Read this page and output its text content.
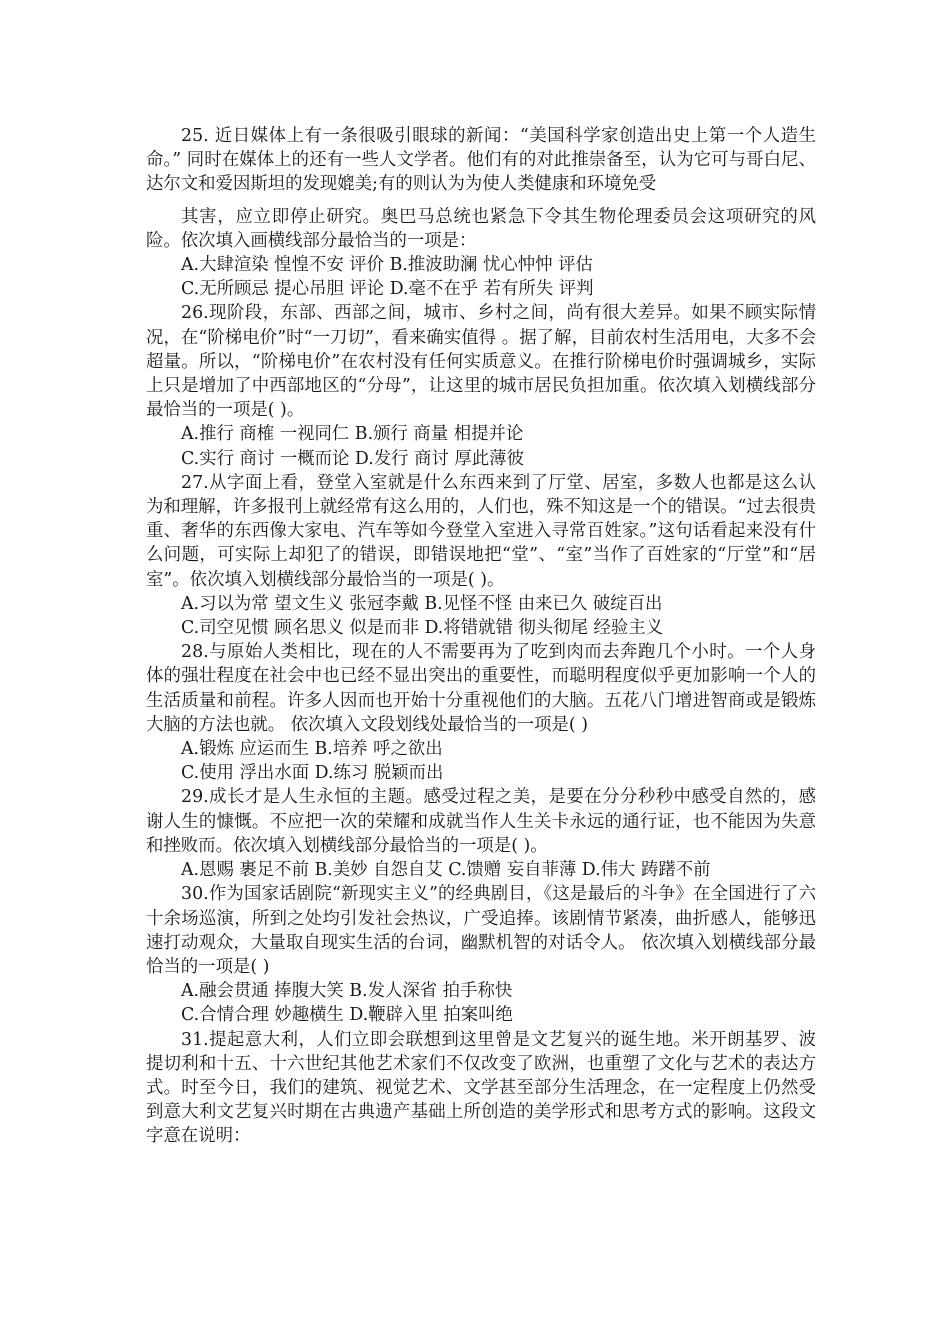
25. 近日媒体上有一条很吸引眼球的新闻：“美国科学家创造出史上第一个人造生命。” 同时在媒体上的还有一些人文学者。他们有的对此推崇备至，认为它可与哥白尼、达尔文和爱因斯坦的发现媲美;有的则认为为使人类健康和环境免受

其害，应立即停止研究。奥巴马总统也紧急下令其生物伦理委员会这项研究的风险。依次填入画横线部分最恰当的一项是：

A.大肆渲染 惶惶不安 评价 B.推波助澜 忧心忡忡 评估

C.无所顾忌 提心吊胆 评论 D.毫不在乎 若有所失 评判

26.现阶段，东部、西部之间，城市、乡村之间，尚有很大差异。如果不顾实际情况，在“阶梯电价”时“一刀切”，看来确实值得 。据了解，目前农村生活用电，大多不会超量。所以，“阶梯电价”在农村没有任何实质意义。在推行阶梯电价时强调城乡，实际上只是增加了中西部地区的“分母”，让这里的城市居民负担加重。依次填入划横线部分最恰当的一项是( )。

A.推行 商榷 一视同仁 B.颁行 商量 相提并论

C.实行 商讨 一概而论 D.发行 商讨 厚此薄彼

27.从字面上看，登堂入室就是什么东西来到了厅堂、居室，多数人也都是这么认为和理解，许多报刊上就经常有这么用的，人们也，殊不知这是一个的错误。“过去很贵重、奢华的东西像大家电、汽车等如今登堂入室进入寻常百姓家。”这句话看起来没有什么问题，可实际上却犯了的错误，即错误地把“堂”、“室”当作了百姓家的“厅堂”和“居室”。依次填入划横线部分最恰当的一项是( )。

A.习以为常 望文生义 张冠李戴 B.见怪不怪 由来已久 破绽百出

C.司空见惯 顾名思义 似是而非 D.将错就错 彻头彻尾 经验主义

28.与原始人类相比，现在的人不需要再为了吃到肉而去奔跑几个小时。一个人身体的强壮程度在社会中也已经不显出突出的重要性，而聪明程度似乎更加影响一个人的生活质量和前程。许多人因而也开始十分重视他们的大脑。五花八门增进智商或是锻炼大脑的方法也就。 依次填入文段划线处最恰当的一项是( )

A.锻炼 应运而生 B.培养 呼之欲出

C.使用 浮出水面 D.练习 脱颖而出

29.成长才是人生永恒的主题。感受过程之美，是要在分分秒秒中感受自然的，感谢人生的慷慨。不应把一次的荣耀和成就当作人生关卡永远的通行证，也不能因为失意和挫败而。依次填入划横线部分最恰当的一项是( )。

A.恩赐 裹足不前 B.美妙 自怨自艾 C.馈赠 妄自菲薄 D.伟大 踌躇不前

30.作为国家话剧院“新现实主义”的经典剧目，《这是最后的斗争》在全国进行了六十余场巡演，所到之处均引发社会热议，广受追捧。该剧情节紧凑，曲折感人，能够迅速打动观众，大量取自现实生活的台词，幽默机智的对话令人。 依次填入划横线部分最恰当的一项是( )

A.融会贯通 捧腹大笑 B.发人深省 拍手称快

C.合情合理 妙趣横生 D.鞭辟入里 拍案叫绝

31.提起意大利，人们立即会联想到这里曾是文艺复兴的诞生地。米开朗基罗、波提切利和十五、十六世纪其他艺术家们不仅改变了欧洲，也重塑了文化与艺术的表达方式。时至今日，我们的建筑、视觉艺术、文学甚至部分生活理念，在一定程度上仍然受到意大利文艺复兴时期在古典遗产基础上所创造的美学形式和思考方式的影响。这段文字意在说明：
